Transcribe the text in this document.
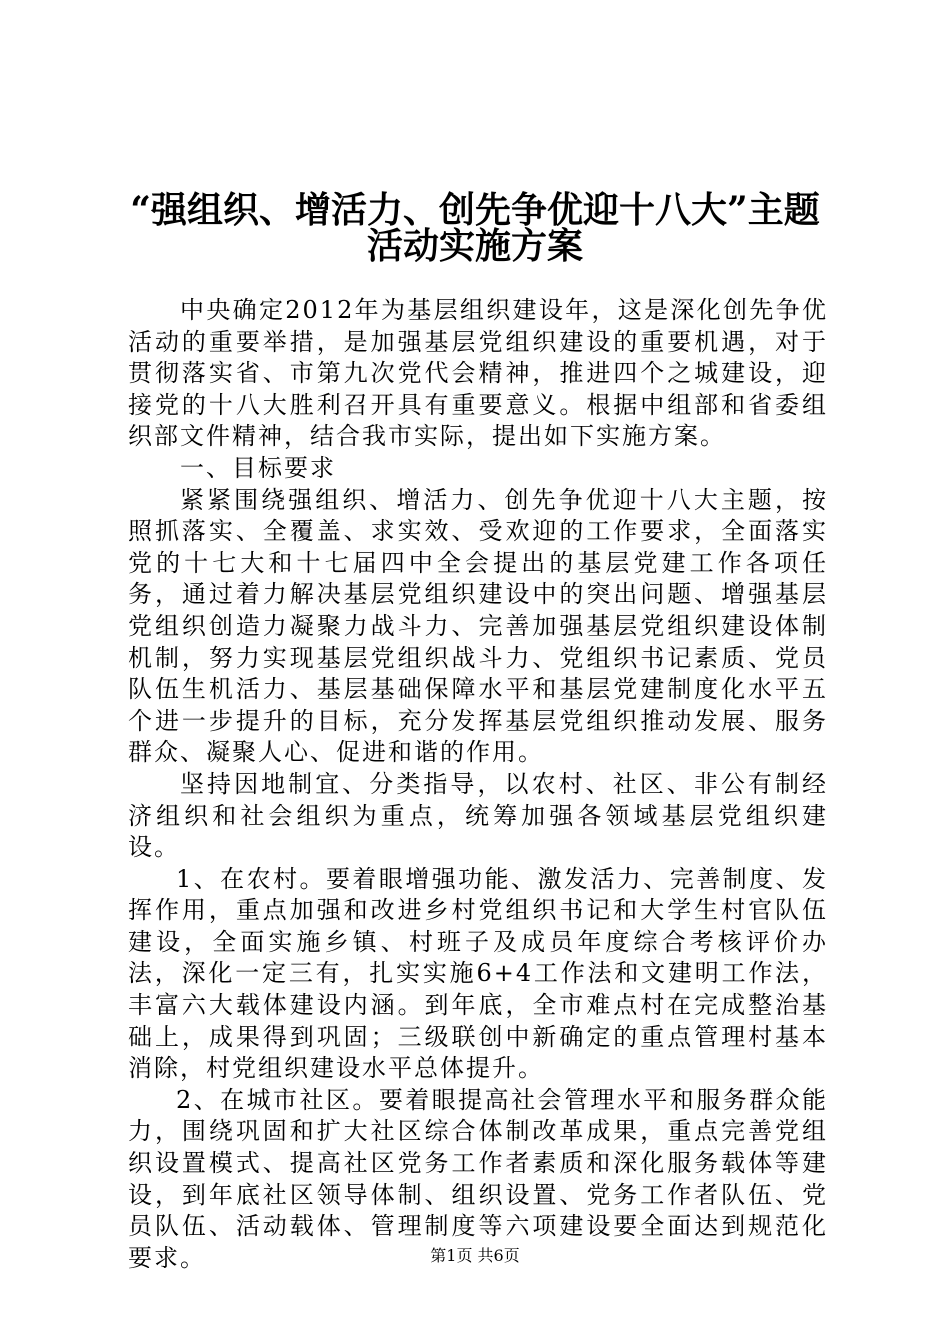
“强组织、增活力、创先争优迎十八大”主题
活动实施方案

中央确定2012年为基层组织建设年，这是深化创先争优活动的重要举措，是加强基层党组织建设的重要机遇，对于贯彻落实省、市第九次党代会精神，推进四个之城建设，迎接党的十八大胜利召开具有重要意义。根据中组部和省委组织部文件精神，结合我市实际，提出如下实施方案。

一、目标要求

紧紧围绕强组织、增活力、创先争优迎十八大主题，按照抓落实、全覆盖、求实效、受欢迎的工作要求，全面落实党的十七大和十七届四中全会提出的基层党建工作各项任务，通过着力解决基层党组织建设中的突出问题、增强基层党组织创造力凝聚力战斗力、完善加强基层党组织建设体制机制，努力实现基层党组织战斗力、党组织书记素质、党员队伍生机活力、基层基础保障水平和基层党建制度化水平五个进一步提升的目标，充分发挥基层党组织推动发展、服务群众、凝聚人心、促进和谐的作用。

坚持因地制宜、分类指导，以农村、社区、非公有制经济组织和社会组织为重点，统筹加强各领域基层党组织建设。

1、在农村。要着眼增强功能、激发活力、完善制度、发挥作用，重点加强和改进乡村党组织书记和大学生村官队伍建设，全面实施乡镇、村班子及成员年度综合考核评价办法，深化一定三有，扎实实施6+4工作法和文建明工作法，丰富六大载体建设内涵。到年底，全市难点村在完成整治基础上，成果得到巩固；三级联创中新确定的重点管理村基本消除，村党组织建设水平总体提升。

2、在城市社区。要着眼提高社会管理水平和服务群众能力，围绕巩固和扩大社区综合体制改革成果，重点完善党组织设置模式、提高社区党务工作者素质和深化服务载体等建设，到年底社区领导体制、组织设置、党务工作者队伍、党员队伍、活动载体、管理制度等六项建设要全面达到规范化要求。	第1页 共6页
